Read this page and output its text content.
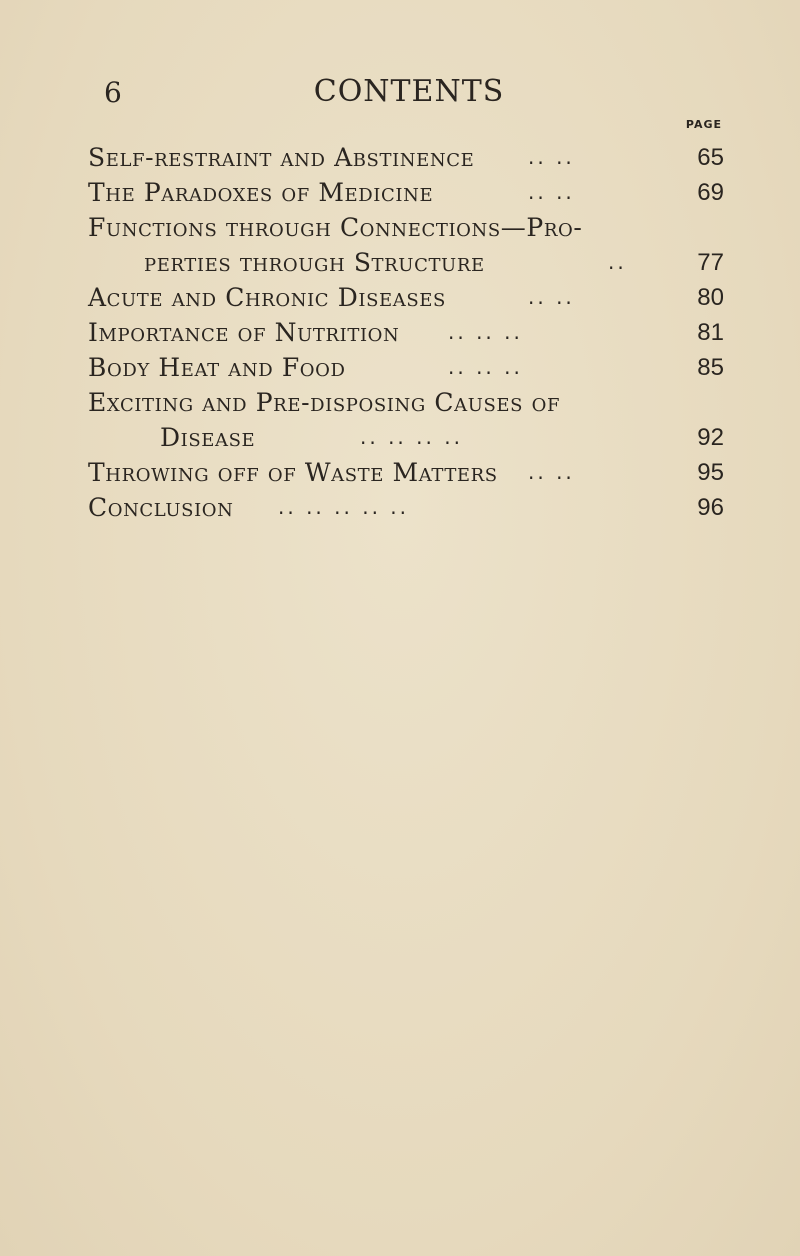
6	CONTENTS
PAGE
Self-restraint and Abstinence	.. ..	65
The Paradoxes of Medicine	.. ..	69
Functions through Connections—Pro-
perties through Structure	..	77
Acute and Chronic Diseases	.. ..	80
Importance of Nutrition	.. .. ..	81
Body Heat and Food	.. .. ..	85
Exciting and Pre-disposing Causes of
Disease	.. .. .. ..	92
Throwing off of Waste Matters	.. ..	95
Conclusion	.. .. .. .. ..	96
